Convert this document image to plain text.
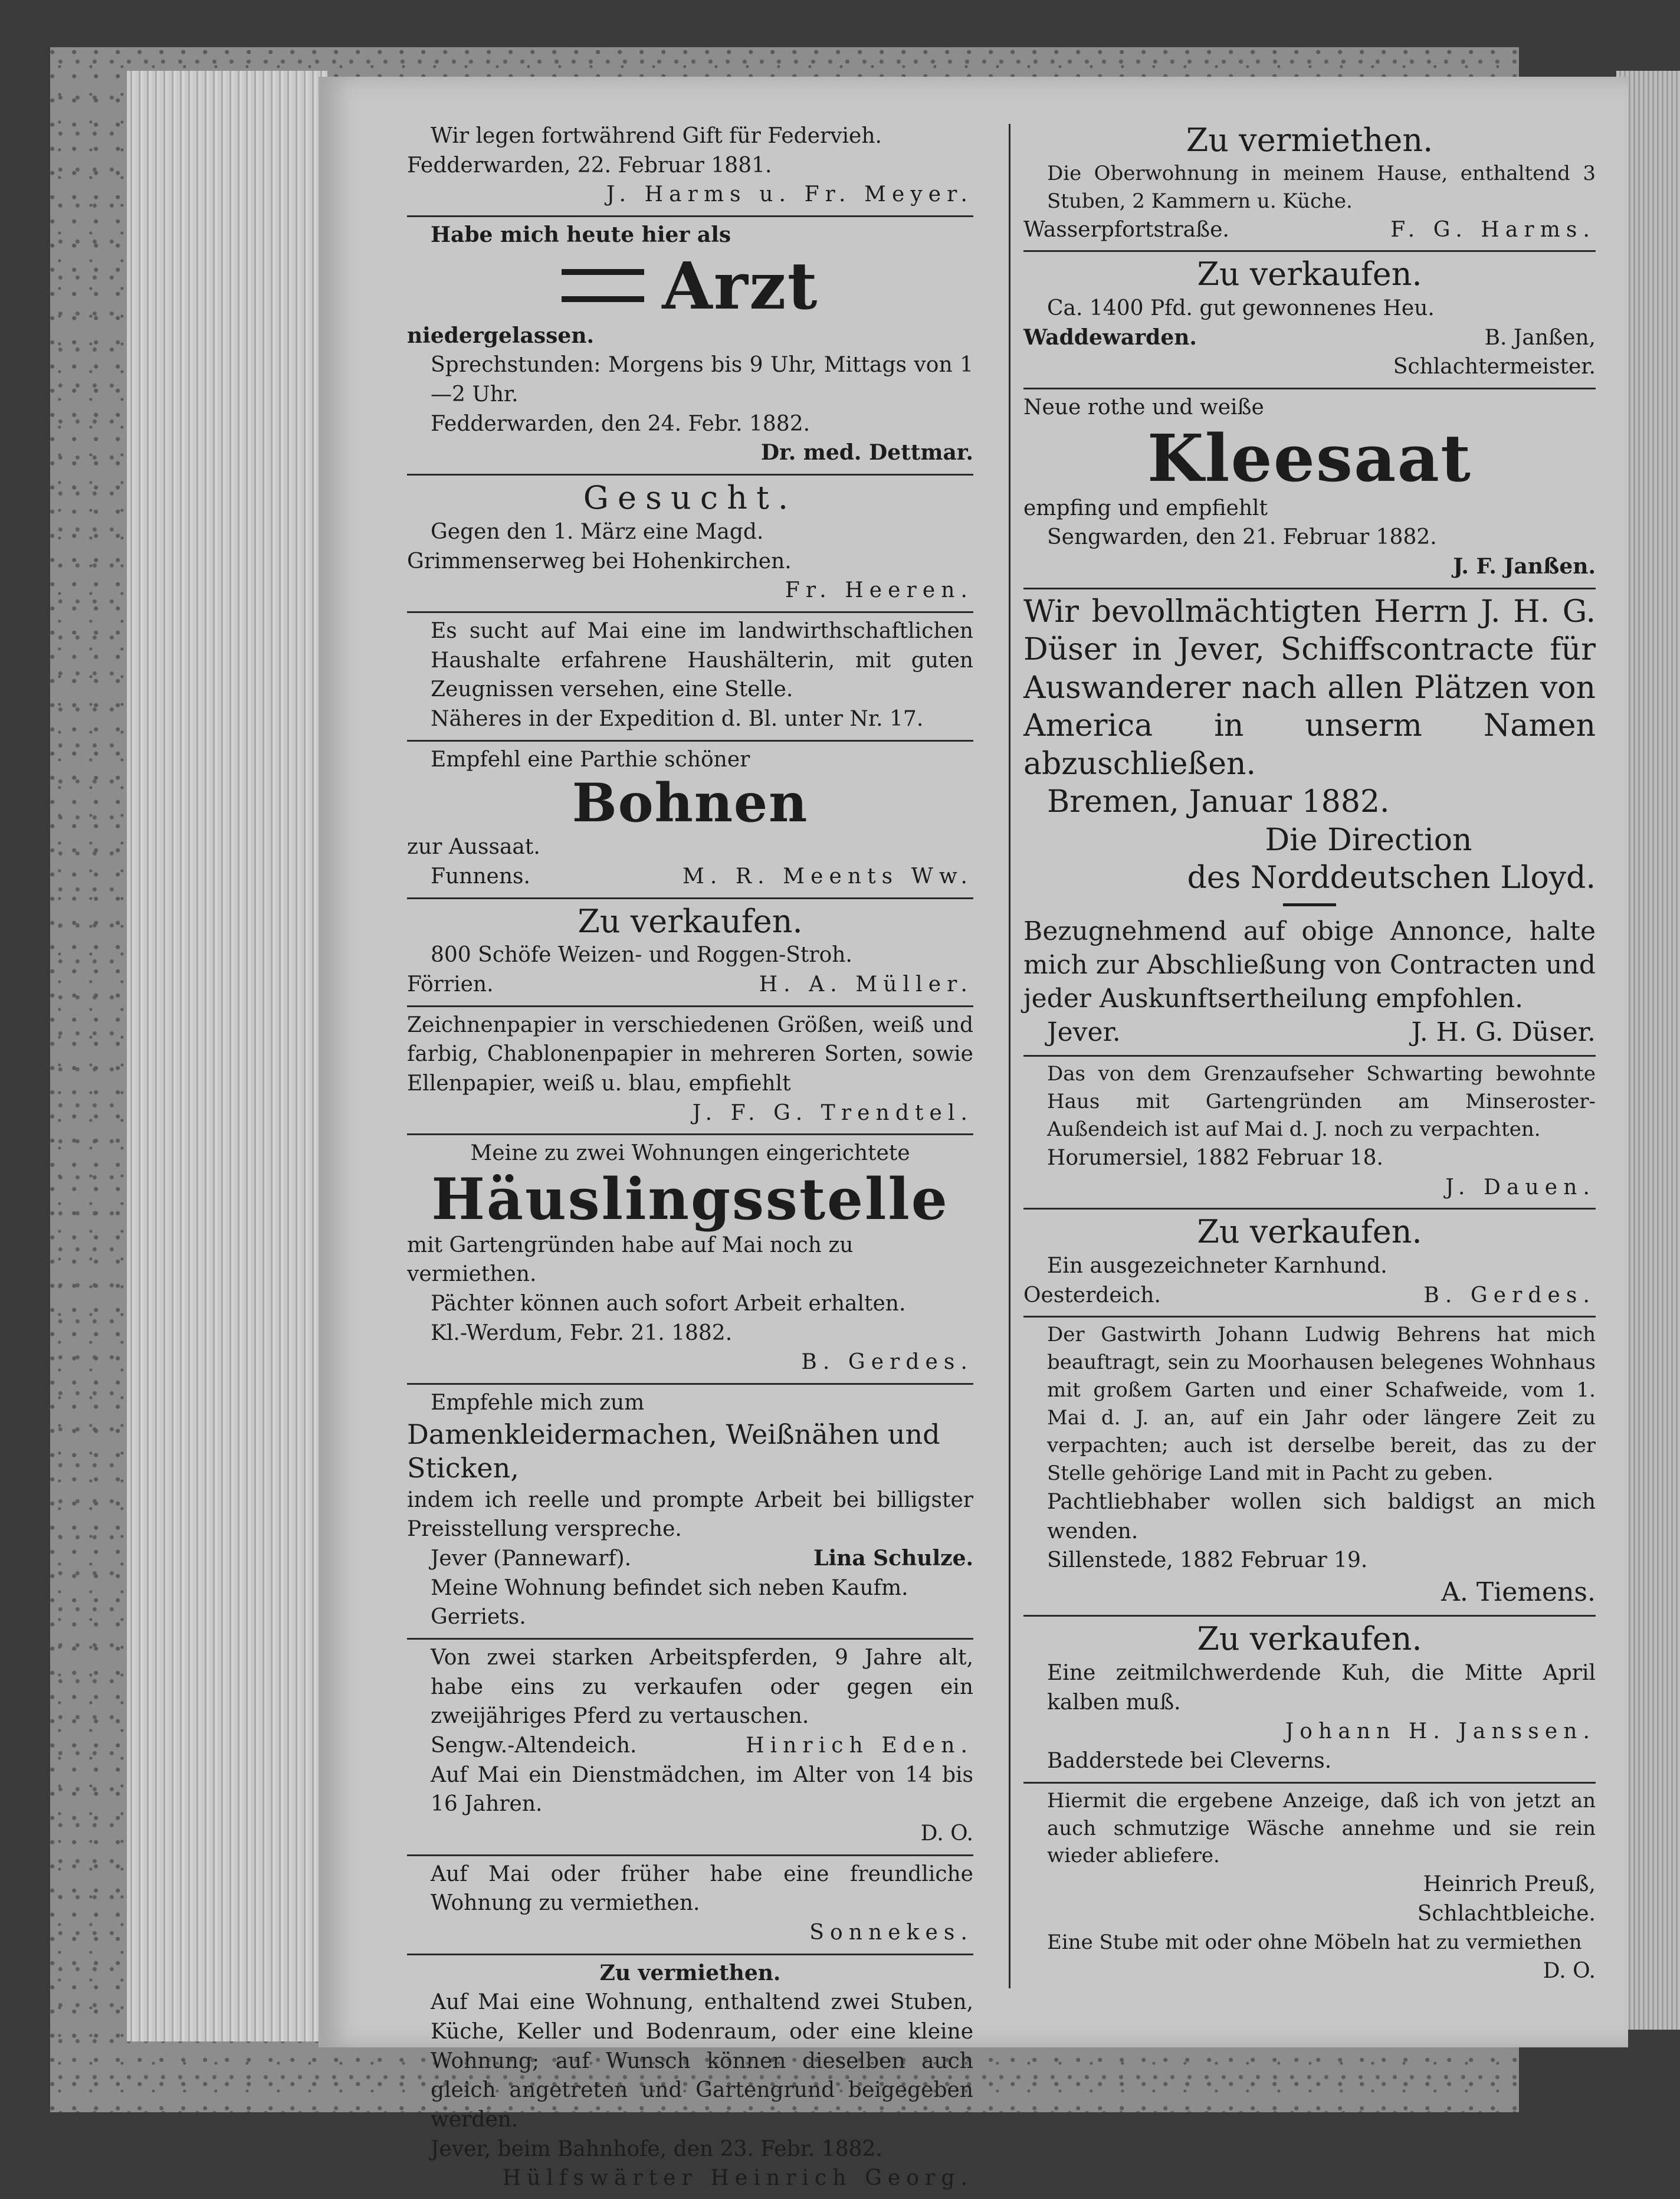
Wir legen fortwährend Gift für Federvieh.
Fedderwarden, 22. Februar 1881.
J. Harms u. Fr. Meyer.
Habe mich heute hier als
Arzt
niedergelassen.
Sprechstunden: Morgens bis 9 Uhr, Mittags von 1—2 Uhr.
Fedderwarden, den 24. Febr. 1882.
Dr. med. Dettmar.
Gesucht.
Gegen den 1. März eine Magd.
Grimmenserweg bei Hohenkirchen.
Fr. Heeren.
Es sucht auf Mai eine im landwirthschaftlichen Haushalte erfahrene Haushälterin, mit guten Zeugnissen versehen, eine Stelle.
Näheres in der Expedition d. Bl. unter Nr. 17.
Empfehl eine Parthie schöner
Bohnen
zur Aussaat.
Funnens.	M. R. Meents Ww.
Zu verkaufen.
800 Schöfe Weizen- und Roggen-Stroh.
Förrien.	H. A. Müller.
Zeichnenpapier in verschiedenen Größen, weiß und farbig, Chablonenpapier in mehreren Sorten, sowie Ellenpapier, weiß u. blau, empfiehlt
J. F. G. Trendtel.
Meine zu zwei Wohnungen eingerichtete
Häuslingsstelle
mit Gartengründen habe auf Mai noch zu vermiethen.
Pächter können auch sofort Arbeit erhalten.
Kl.-Werdum, Febr. 21. 1882.
B. Gerdes.
Empfehle mich zum
Damenkleidermachen, Weißnähen und Sticken,
indem ich reelle und prompte Arbeit bei billigster Preisstellung verspreche.
Jever (Pannewarf).	Lina Schulze.
Meine Wohnung befindet sich neben Kaufm. Gerriets.
Von zwei starken Arbeitspferden, 9 Jahre alt, habe eins zu verkaufen oder gegen ein zweijähriges Pferd zu vertauschen.
Sengw.-Altendeich.	Hinrich Eden.
Auf Mai ein Dienstmädchen, im Alter von 14 bis 16 Jahren.
D. O.
Auf Mai oder früher habe eine freundliche Wohnung zu vermiethen.
Sonnekes.
Zu vermiethen.
Auf Mai eine Wohnung, enthaltend zwei Stuben, Küche, Keller und Bodenraum, oder eine kleine Wohnung; auf Wunsch können dieselben auch gleich angetreten und Gartengrund beigegeben werden.
Jever, beim Bahnhofe, den 23. Febr. 1882.
Hülfswärter Heinrich Georg.
Zu vermiethen.
Die Oberwohnung in meinem Hause, enthaltend 3 Stuben, 2 Kammern u. Küche.
Wasserpfortstraße.	F. G. Harms.
Zu verkaufen.
Ca. 1400 Pfd. gut gewonnenes Heu.
Waddewarden.	B. Janßen,
Schlachtermeister.
Neue rothe und weiße
Kleesaat
empfing und empfiehlt
Sengwarden, den 21. Februar 1882.
J. F. Janßen.
Wir bevollmächtigten Herrn J. H. G. Düser in Jever, Schiffscontracte für Auswanderer nach allen Plätzen von America in unserm Namen abzuschließen.
Bremen, Januar 1882.
Die Direction
des Norddeutschen Lloyd.
Bezugnehmend auf obige Annonce, halte mich zur Abschließung von Contracten und jeder Auskunftsertheilung empfohlen.
Jever.	J. H. G. Düser.
Das von dem Grenzaufseher Schwarting bewohnte Haus mit Gartengründen am Minseroster-Außendeich ist auf Mai d. J. noch zu verpachten.
Horumersiel, 1882 Februar 18.
J. Dauen.
Zu verkaufen.
Ein ausgezeichneter Karnhund.
Oesterdeich.	B. Gerdes.
Der Gastwirth Johann Ludwig Behrens hat mich beauftragt, sein zu Moorhausen belegenes Wohnhaus mit großem Garten und einer Schafweide, vom 1. Mai d. J. an, auf ein Jahr oder längere Zeit zu verpachten; auch ist derselbe bereit, das zu der Stelle gehörige Land mit in Pacht zu geben.
Pachtliebhaber wollen sich baldigst an mich wenden.
Sillenstede, 1882 Februar 19.
A. Tiemens.
Zu verkaufen.
Eine zeitmilchwerdende Kuh, die Mitte April kalben muß.
Johann H. Janssen.
Badderstede bei Cleverns.
Hiermit die ergebene Anzeige, daß ich von jetzt an auch schmutzige Wäsche annehme und sie rein wieder abliefere.
Heinrich Preuß,
Schlachtbleiche.
Eine Stube mit oder ohne Möbeln hat zu vermiethen
D. O.
